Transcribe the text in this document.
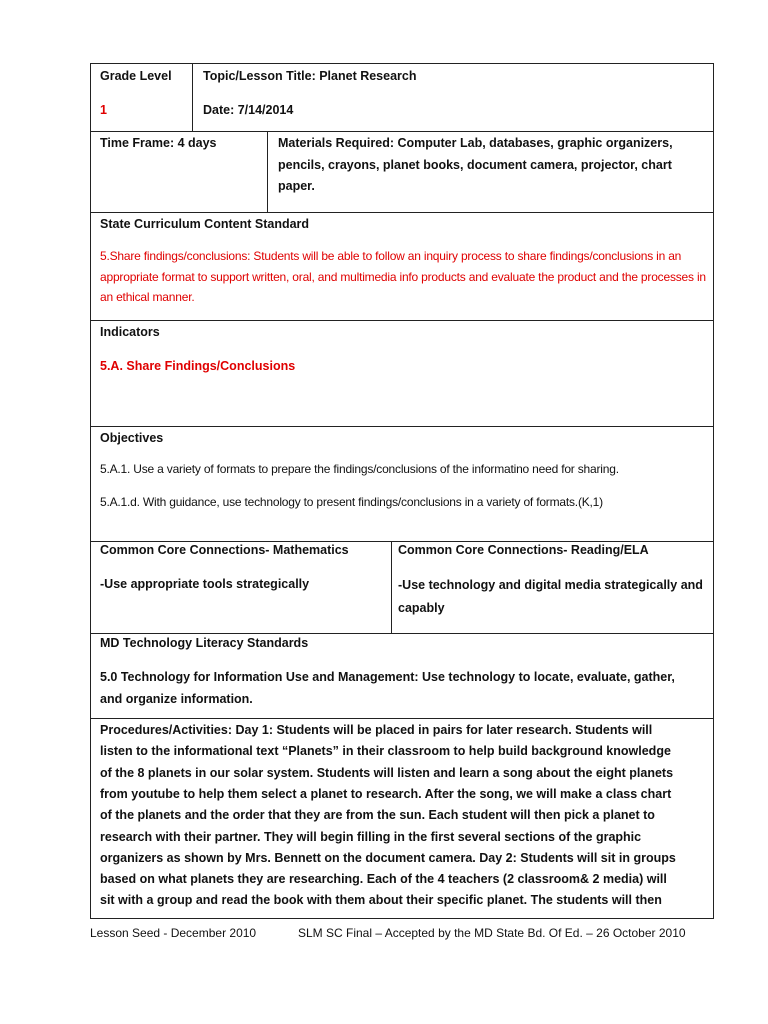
Grade Level
1
Topic/Lesson Title: Planet Research
Date: 7/14/2014
Time Frame: 4 days	Materials Required: Computer Lab, databases, graphic organizers, pencils, crayons, planet books, document camera, projector, chart paper.
State Curriculum Content Standard
5.Share findings/conclusions: Students will be able to follow an inquiry process to share findings/conclusions in an appropriate format to support written, oral, and multimedia info products and evaluate the product and the processes in an ethical manner.
Indicators
5.A. Share Findings/Conclusions
Objectives
5.A.1. Use a variety of formats to prepare the findings/conclusions of the informatino need for sharing.
5.A.1.d. With guidance, use technology to present findings/conclusions in a variety of formats.(K,1)
Common Core Connections- Mathematics
-Use appropriate tools strategically
Common Core Connections- Reading/ELA
-Use technology and digital media strategically and capably
MD Technology Literacy Standards
5.0 Technology for Information Use and Management: Use technology to locate, evaluate, gather, and organize information.
Procedures/Activities: Day 1: Students will be placed in pairs for later research. Students will
listen to the informational text “Planets” in their classroom to help build background knowledge
of the 8 planets in our solar system. Students will listen and learn a song about the eight planets
from youtube to help them select a planet to research. After the song, we will make a class chart
of the planets and the order that they are from the sun. Each student will then pick a planet to
research with their partner. They will begin filling in the first several sections of the graphic
organizers as shown by Mrs. Bennett on the document camera. Day 2: Students will sit in groups
based on what planets they are researching. Each of the 4 teachers (2 classroom& 2 media) will
sit with a group and read the book with them about their specific planet. The students will then
Lesson Seed - December 2010	SLM SC Final – Accepted by the MD State Bd. Of Ed. – 26 October 2010
